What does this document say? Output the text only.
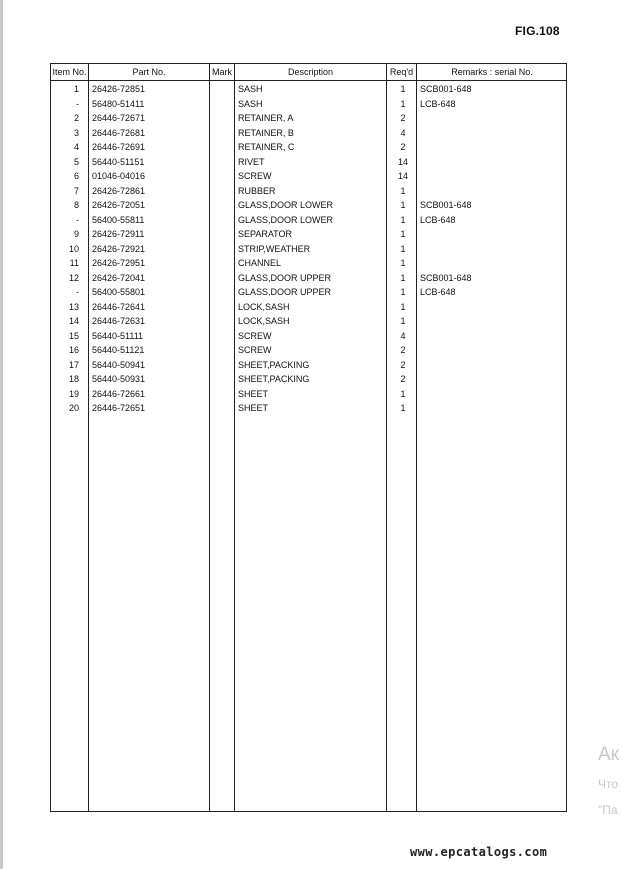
FIG.108
Item No.	Part No.	Mark	Description	Req'd	Remarks : serial No.
1 26426-72851	SASH	1	SCB001-648
- 56480-51411	SASH	1	LCB-648
2 26446-72671	RETAINER, A	2
3 26446-72681	RETAINER, B	4
4 26446-72691	RETAINER, C	2
5 56440-51151	RIVET	14
6 01046-04016	SCREW	14
7 26426-72861	RUBBER	1
8 26426-72051	GLASS,DOOR LOWER	1	SCB001-648
- 56400-55811	GLASS,DOOR LOWER	1	LCB-648
9 26426-72911	SEPARATOR	1
10 26426-72921	STRIP,WEATHER	1
11 26426-72951	CHANNEL	1
12 26426-72041	GLASS,DOOR UPPER	1	SCB001-648
- 56400-55801	GLASS,DOOR UPPER	1	LCB-648
13 26446-72641	LOCK,SASH	1
14 26446-72631	LOCK,SASH	1
15 56440-51111	SCREW	4
16 56440-51121	SCREW	2
17 56440-50941	SHEET,PACKING	2
18 56440-50931	SHEET,PACKING	2
19 26446-72661	SHEET	1
20 26446-72651	SHEET	1
Ак
Что
"Па
www.epcatalogs.com
